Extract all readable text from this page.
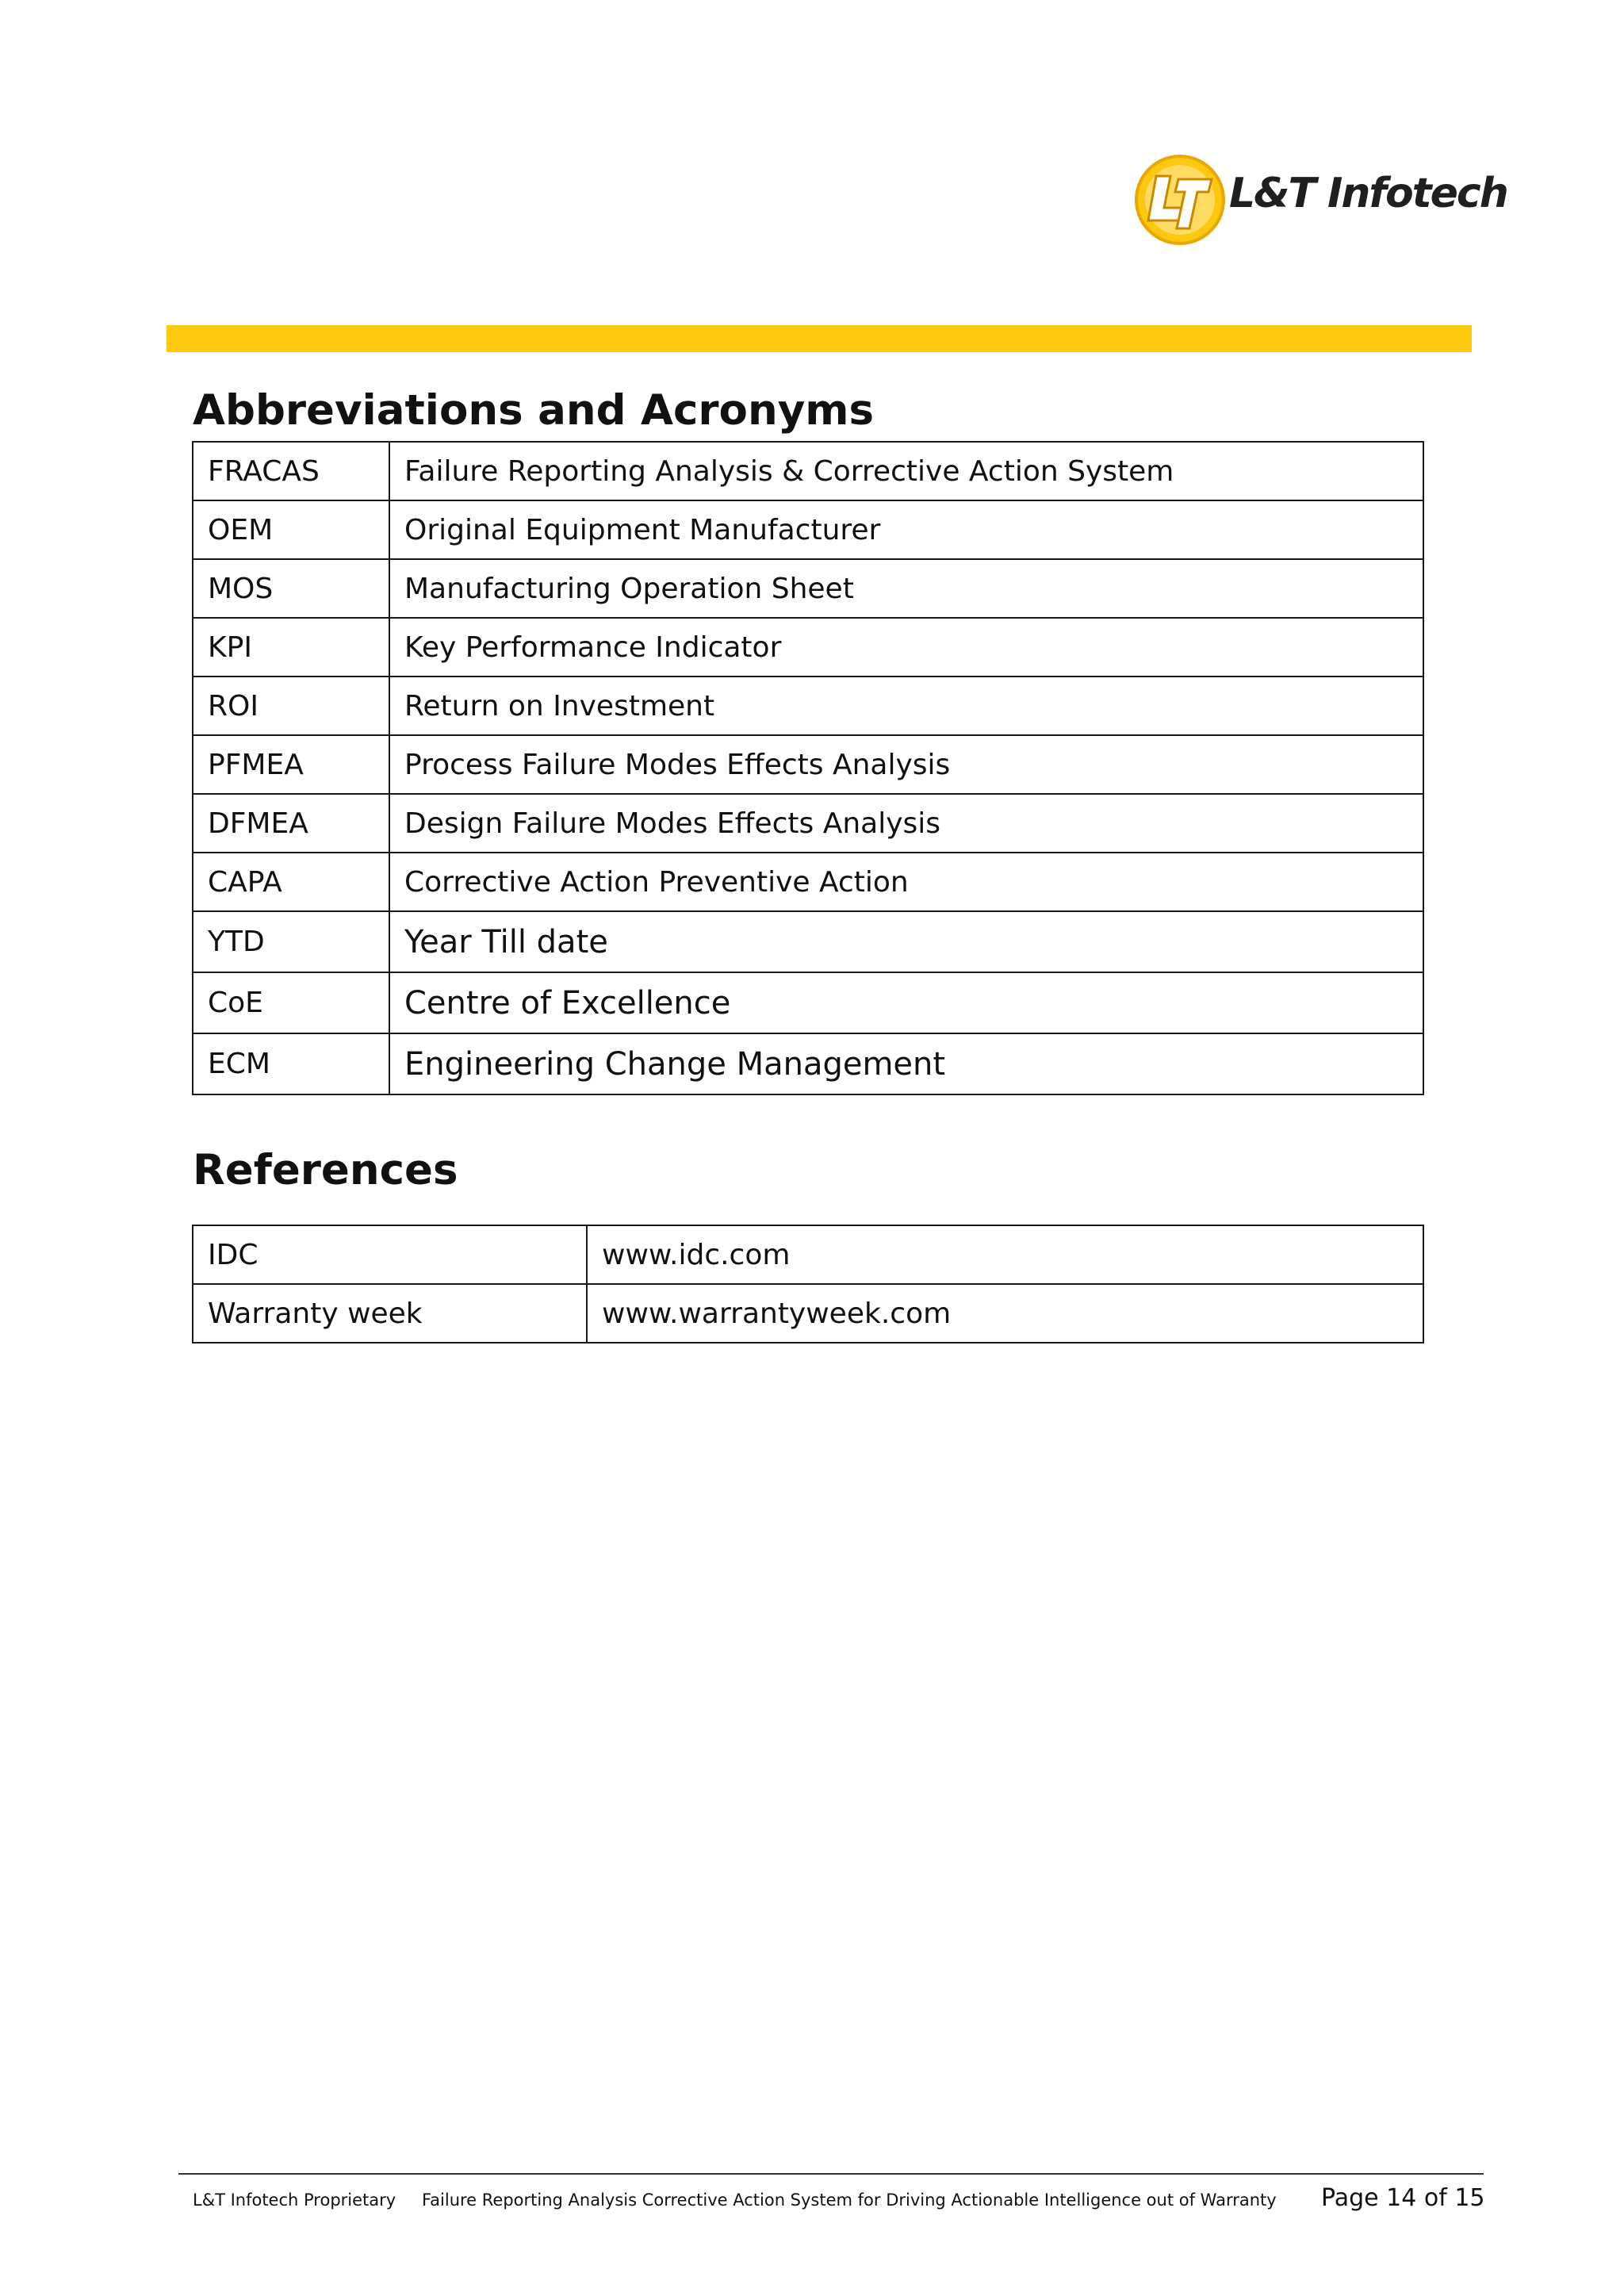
L&T Infotech
Abbreviations and Acronyms
FRACAS	Failure Reporting Analysis & Corrective Action System
OEM	Original Equipment Manufacturer
MOS	Manufacturing Operation Sheet
KPI	Key Performance Indicator
ROI	Return on Investment
PFMEA	Process Failure Modes Effects Analysis
DFMEA	Design Failure Modes Effects Analysis
CAPA	Corrective Action Preventive Action
YTD	Year Till date
CoE	Centre of Excellence
ECM	Engineering Change Management
References
IDC	www.idc.com
Warranty week	www.warrantyweek.com
L&T Infotech Proprietary Failure Reporting Analysis Corrective Action System for Driving Actionable Intelligence out of Warranty Page 14 of 15
